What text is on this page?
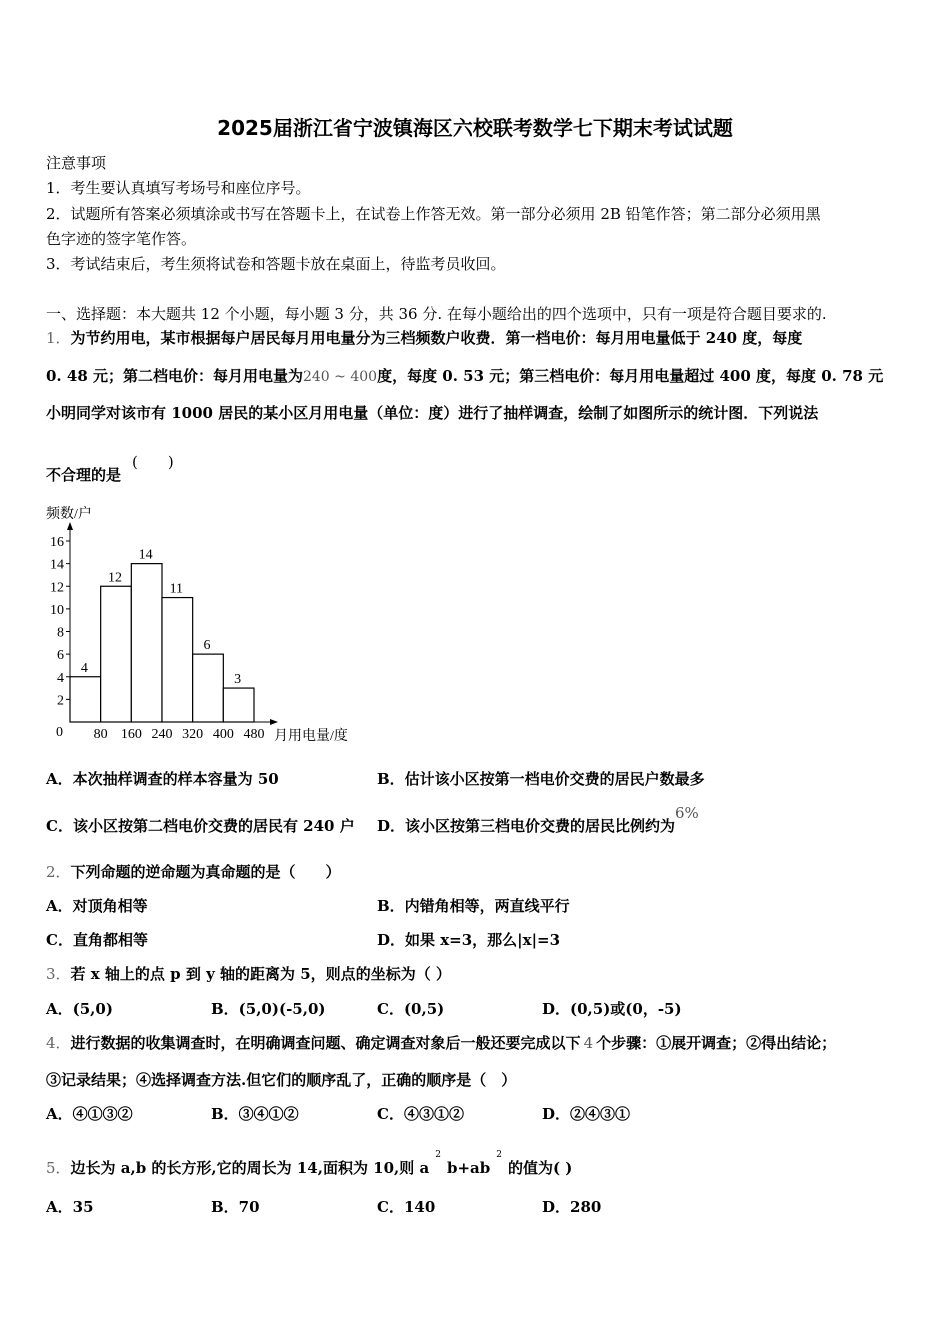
2025届浙江省宁波镇海区六校联考数学七下期末考试试题
注意事项
1．考生要认真填写考场号和座位序号。
2．试题所有答案必须填涂或书写在答题卡上，在试卷上作答无效。第一部分必须用 2B 铅笔作答；第二部分必须用黑
色字迹的签字笔作答。
3．考试结束后，考生须将试卷和答题卡放在桌面上，待监考员收回。
一、选择题：本大题共 12 个小题，每小题 3 分，共 36 分. 在每小题给出的四个选项中，只有一项是符合题目要求的.
1．为节约用电，某市根据每户居民每月用电量分为三档频数户收费．第一档电价：每月用电量低于 240 度，每度
0. 48 元；第二档电价：每月用电量为240 ~ 400度，每度 0. 53 元；第三档电价：每月用电量超过 400 度，每度 0. 78 元
小明同学对该市有 1000 居民的某小区月用电量（单位：度）进行了抽样调查，绘制了如图所示的统计图．下列说法
不合理的是
(　　)
频数/户
4
12
14
11
6
3
2
4
6
8
10
12
14
16
80 160 240 320 400 480
0	月用电量/度
A．本次抽样调查的样本容量为 50	B．估计该小区按第一档电价交费的居民户数最多
C．该小区按第二档电价交费的居民有 240 户 D．该小区按第三档电价交费的居民比例约为6%
2．下列命题的逆命题为真命题的是（　　）
A．对顶角相等	B．内错角相等，两直线平行
C．直角都相等	D．如果 x=3，那么|x|=3
3．若 x 轴上的点 p 到 y 轴的距离为 5，则点的坐标为（ ）
A．(5,0)	B．(5,0)(-5,0)	C．(0,5)	D．(0,5)或(0，-5)
4．进行数据的收集调查时，在明确调查问题、确定调查对象后一般还要完成以下 4 个步骤：①展开调查；②得出结论；
③记录结果；④选择调查方法.但它们的顺序乱了，正确的顺序是（　）
A．④①③②	B．③④①②	C．④③①②	D．②④③①
5．边长为 a,b 的长方形,它的周长为 14,面积为 10,则 $a^2b+ab^2$的值为( )
A．35	B．70	C．140	D．280
